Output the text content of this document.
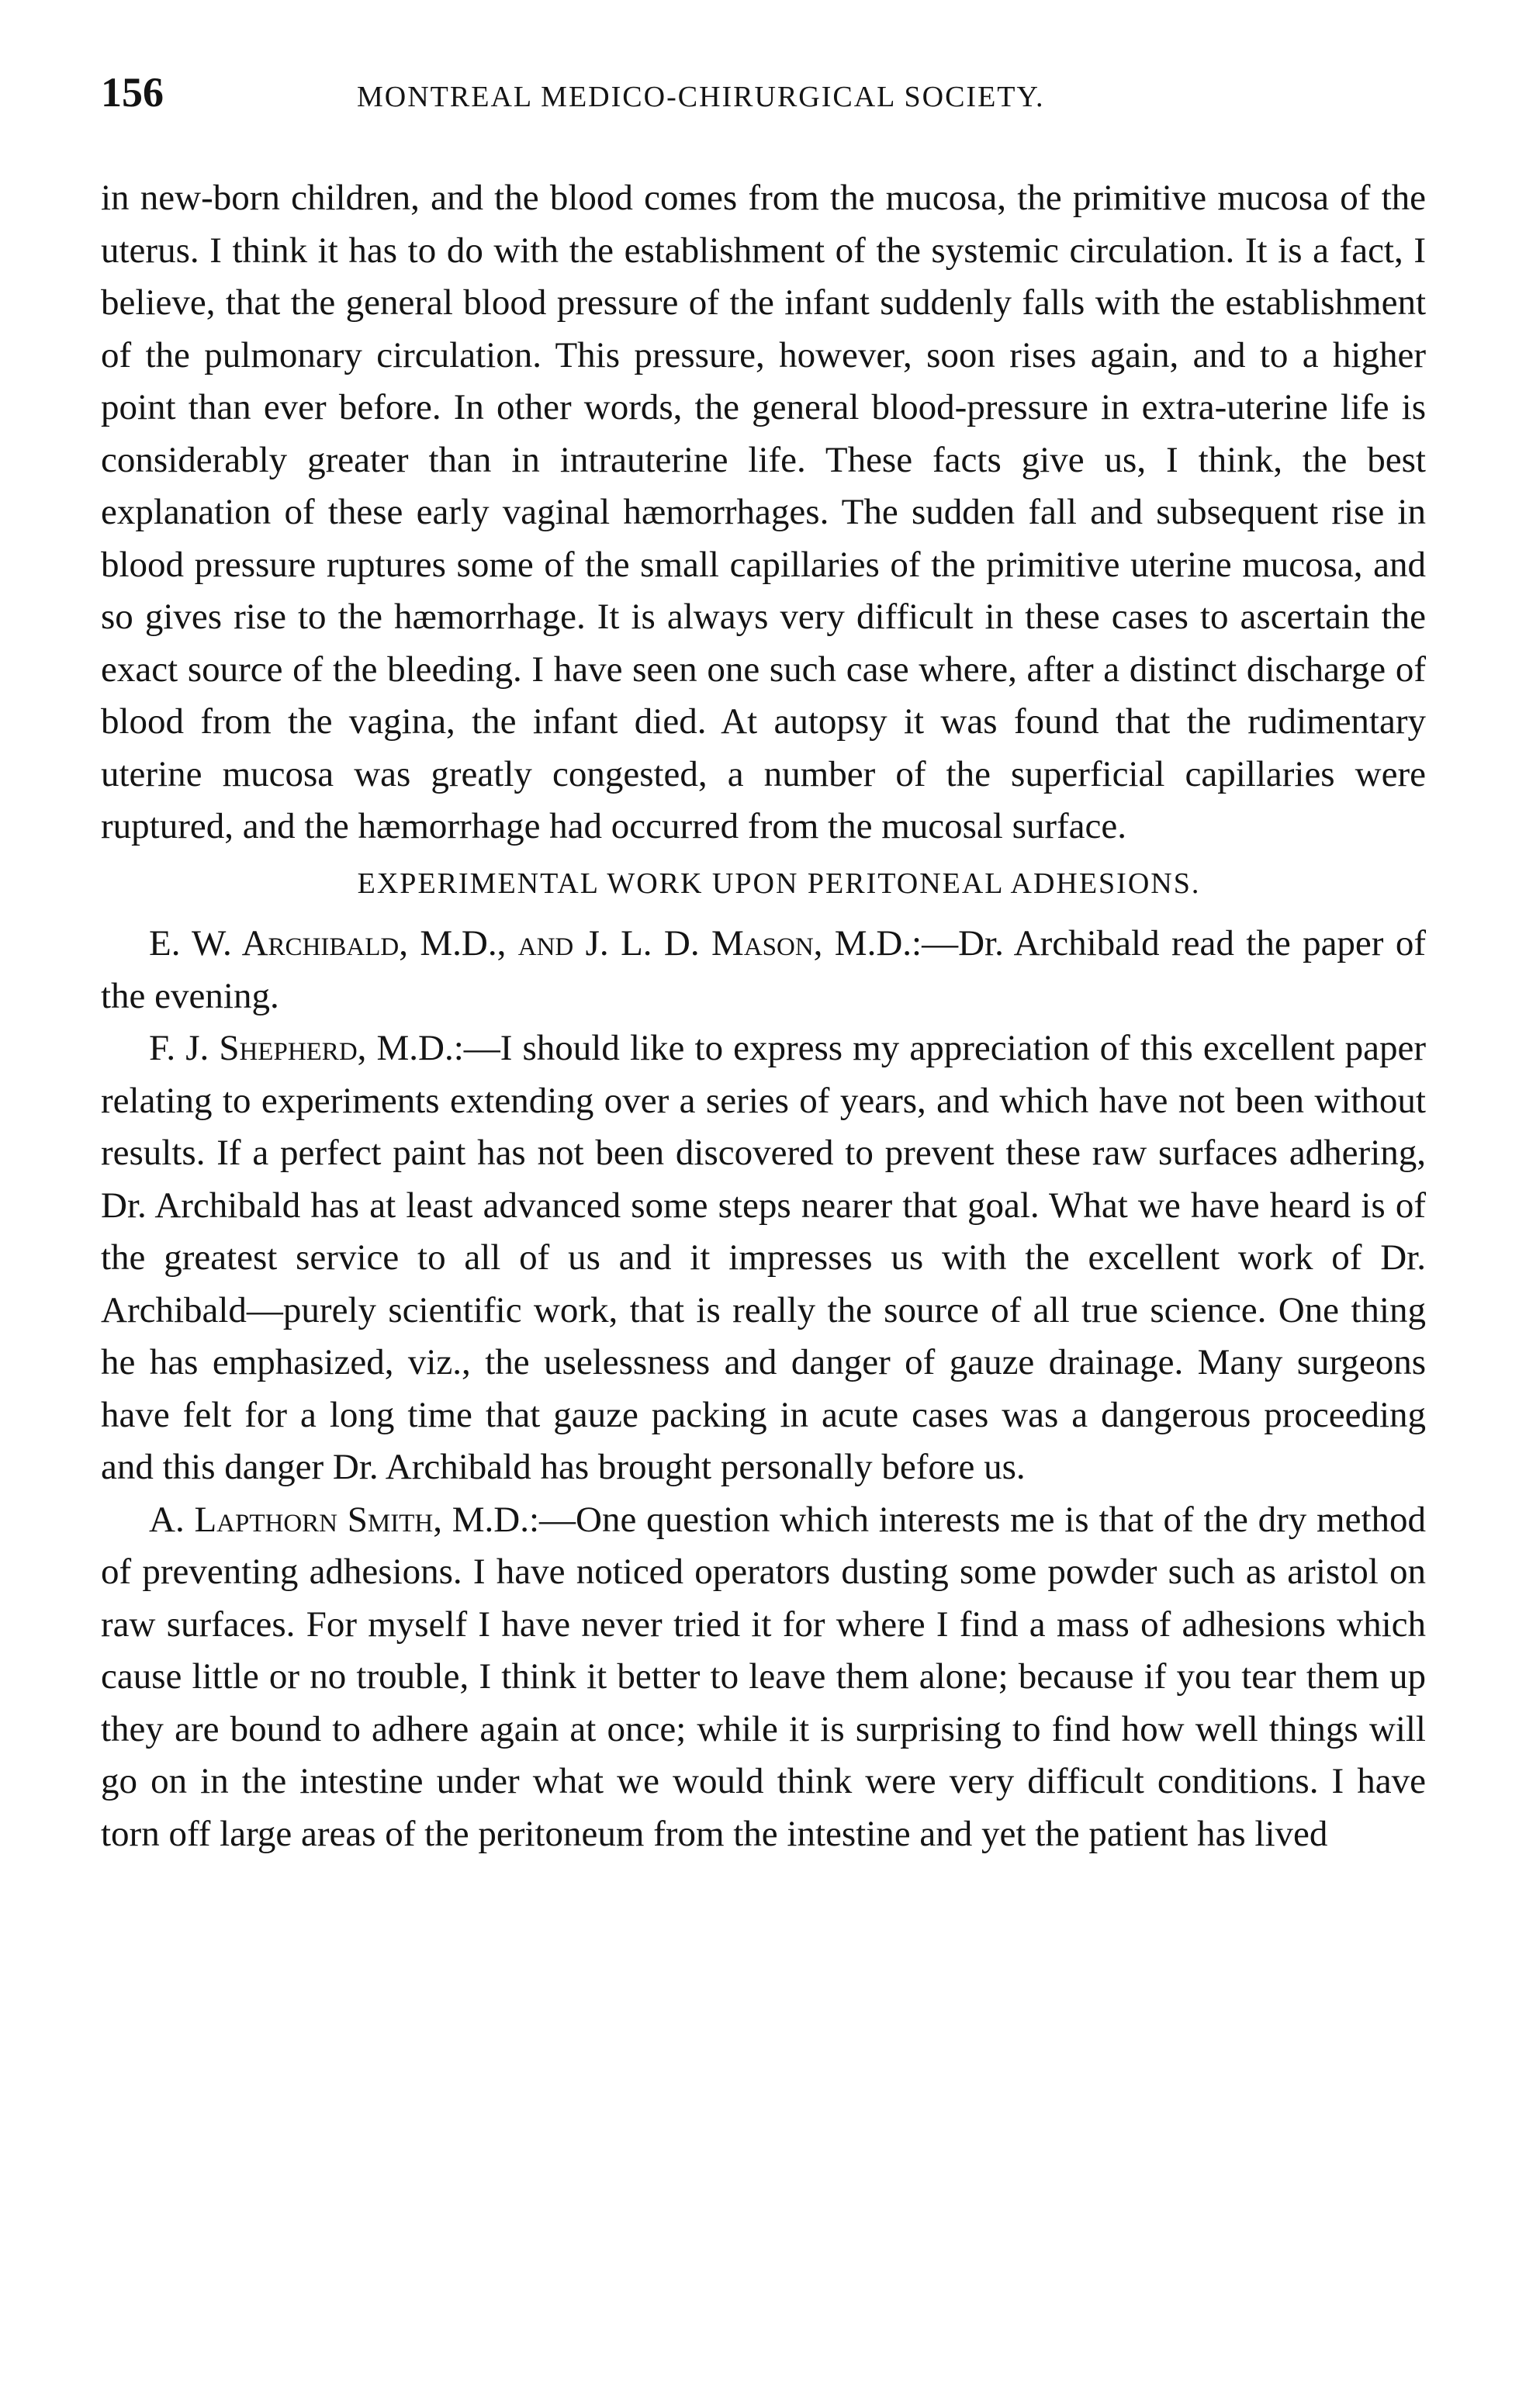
156	MONTREAL MEDICO-CHIRURGICAL SOCIETY.

in new-born children, and the blood comes from the mucosa, the primitive mucosa of the uterus. I think it has to do with the establishment of the systemic circulation. It is a fact, I believe, that the general blood pressure of the infant suddenly falls with the establishment of the pulmonary circulation. This pressure, however, soon rises again, and to a higher point than ever before. In other words, the general blood-pressure in extra-uterine life is considerably greater than in intrauterine life. These facts give us, I think, the best explanation of these early vaginal hæmorrhages. The sudden fall and subsequent rise in blood pressure ruptures some of the small capillaries of the primitive uterine mucosa, and so gives rise to the hæmorrhage. It is always very difficult in these cases to ascertain the exact source of the bleeding. I have seen one such case where, after a distinct discharge of blood from the vagina, the infant died. At autopsy it was found that the rudimentary uterine mucosa was greatly congested, a number of the superficial capillaries were ruptured, and the hæmorrhage had occurred from the mucosal surface.

EXPERIMENTAL WORK UPON PERITONEAL ADHESIONS.

E. W. Archibald, M.D., and J. L. D. Mason, M.D.:—Dr. Archibald read the paper of the evening.

F. J. Shepherd, M.D.:—I should like to express my appreciation of this excellent paper relating to experiments extending over a series of years, and which have not been without results. If a perfect paint has not been discovered to prevent these raw surfaces adhering, Dr. Archibald has at least advanced some steps nearer that goal. What we have heard is of the greatest service to all of us and it impresses us with the excellent work of Dr. Archibald—purely scientific work, that is really the source of all true science. One thing he has emphasized, viz., the uselessness and danger of gauze drainage. Many surgeons have felt for a long time that gauze packing in acute cases was a dangerous proceeding and this danger Dr. Archibald has brought personally before us.

A. Lapthorn Smith, M.D.:—One question which interests me is that of the dry method of preventing adhesions. I have noticed operators dusting some powder such as aristol on raw surfaces. For myself I have never tried it for where I find a mass of adhesions which cause little or no trouble, I think it better to leave them alone; because if you tear them up they are bound to adhere again at once; while it is surprising to find how well things will go on in the intestine under what we would think were very difficult conditions. I have torn off large areas of the peritoneum from the intestine and yet the patient has lived
